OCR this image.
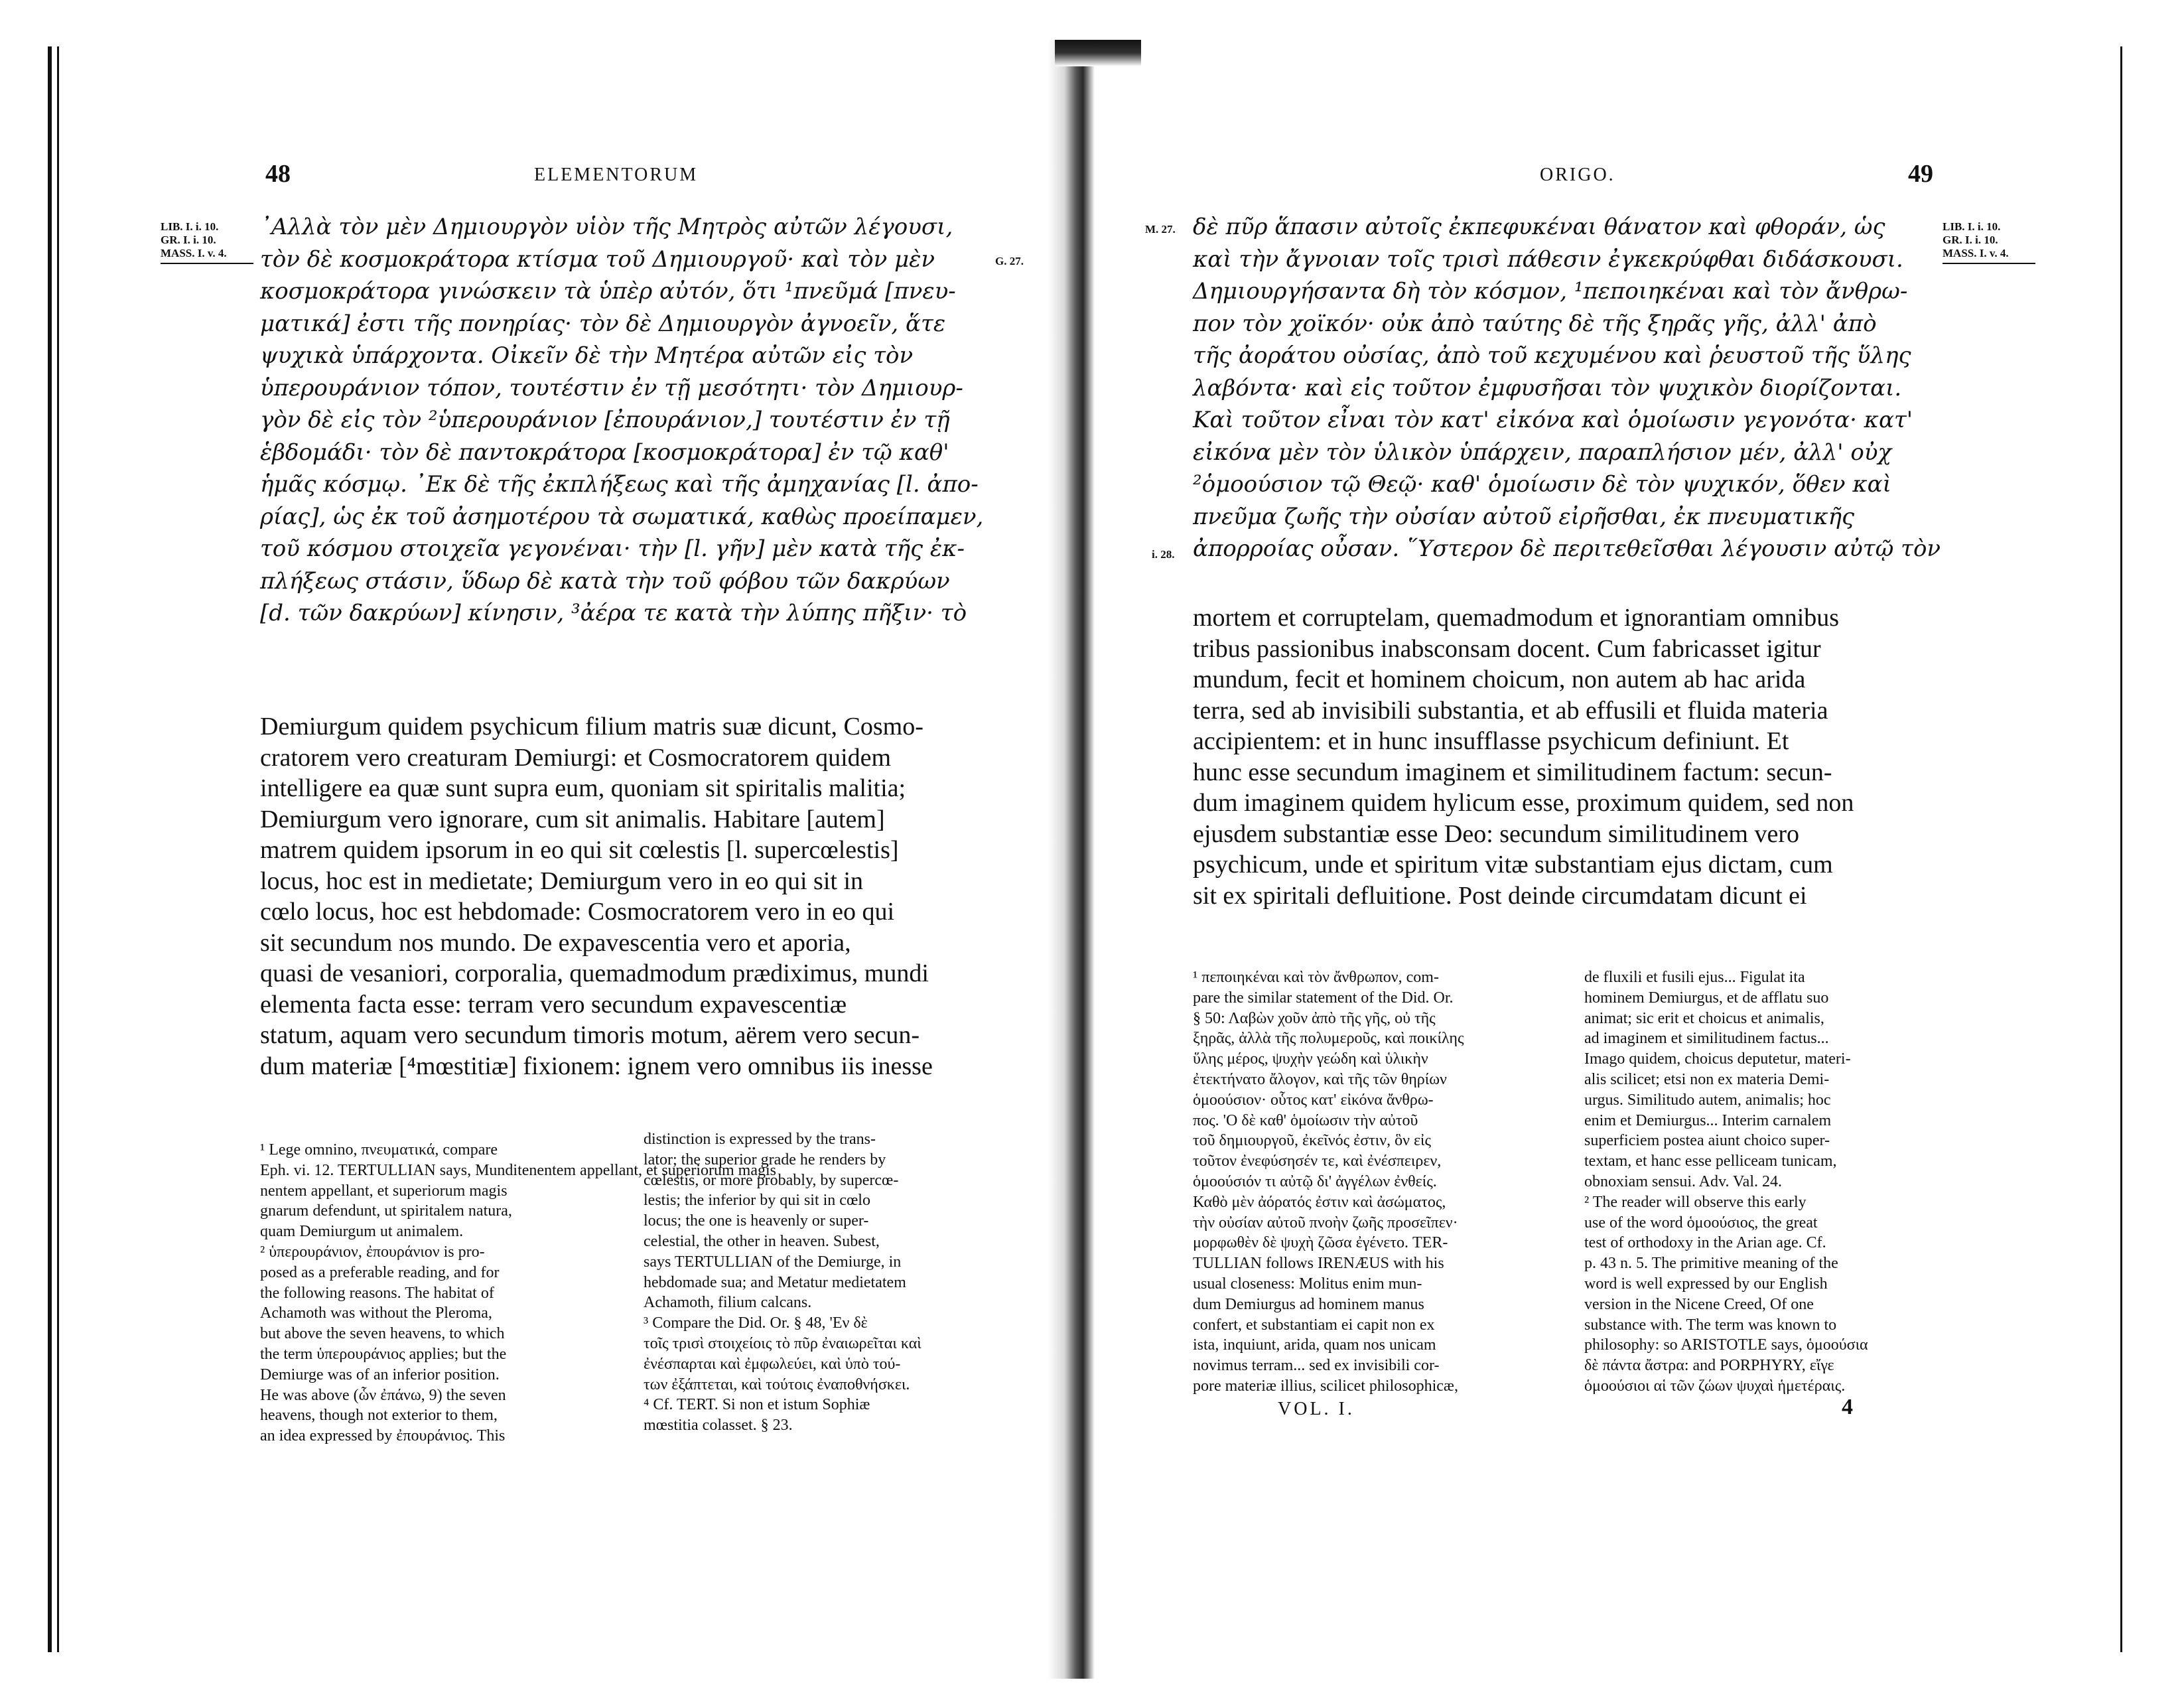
48	ELEMENTORUM
LIB. I. i. 10.
GR. I. i. 10.
MASS. I. v. 4.
G. 27.
᾿Αλλὰ τὸν μὲν Δημιουργὸν υἱὸν τῆς Μητρὸς αὐτῶν λέγουσι,
τὸν δὲ κοσμοκράτορα κτίσμα τοῦ Δημιουργοῦ· καὶ τὸν μὲν
κοσμοκράτορα γινώσκειν τὰ ὑπὲρ αὐτόν, ὅτι ¹πνεῦμά [πνευ-
ματικά] ἐστι τῆς πονηρίας· τὸν δὲ Δημιουργὸν ἀγνοεῖν, ἅτε
ψυχικὰ ὑπάρχοντα. Οἰκεῖν δὲ τὴν Μητέρα αὐτῶν εἰς τὸν
ὑπερουράνιον τόπον, τουτέστιν ἐν τῇ μεσότητι· τὸν Δημιουρ-
γὸν δὲ εἰς τὸν ²ὑπερουράνιον [ἐπουράνιον,] τουτέστιν ἐν τῇ
ἑβδομάδι· τὸν δὲ παντοκράτορα [κοσμοκράτορα] ἐν τῷ καθ'
ἡμᾶς κόσμῳ. ᾿Εκ δὲ τῆς ἐκπλήξεως καὶ τῆς ἀμηχανίας [l. ἀπο-
ρίας], ὡς ἐκ τοῦ ἀσημοτέρου τὰ σωματικά, καθὼς προείπαμεν,
τοῦ κόσμου στοιχεῖα γεγονέναι· τὴν [l. γῆν] μὲν κατὰ τῆς ἐκ-
πλήξεως στάσιν, ὕδωρ δὲ κατὰ τὴν τοῦ φόβου τῶν δακρύων
[d. τῶν δακρύων] κίνησιν, ³ἀέρα τε κατὰ τὴν λύπης πῆξιν· τὸ
Demiurgum quidem psychicum filium matris suæ dicunt, Cosmo-
cratorem vero creaturam Demiurgi: et Cosmocratorem quidem
intelligere ea quæ sunt supra eum, quoniam sit spiritalis malitia;
Demiurgum vero ignorare, cum sit animalis. Habitare [autem]
matrem quidem ipsorum in eo qui sit cœlestis [l. supercœlestis]
locus, hoc est in medietate; Demiurgum vero in eo qui sit in
cœlo locus, hoc est hebdomade: Cosmocratorem vero in eo qui
sit secundum nos mundo. De expavescentia vero et aporia,
quasi de vesaniori, corporalia, quemadmodum prædiximus, mundi
elementa facta esse: terram vero secundum expavescentiæ
statum, aquam vero secundum timoris motum, aërem vero secun-
dum materiæ [⁴mœstitiæ] fixionem: ignem vero omnibus iis inesse
¹ Lege omnino, πνευματικά, compare
Eph. vi. 12. TERTULLIAN says, Munditenentem appellant, et superiorum magis
nentem appellant, et superiorum magis
gnarum defendunt, ut spiritalem natura,
quam Demiurgum ut animalem.
² ὑπερουράνιον, ἐπουράνιον is pro-
posed as a preferable reading, and for
the following reasons. The habitat of
Achamoth was without the Pleroma,
but above the seven heavens, to which
the term ὑπερουράνιος applies; but the
Demiurge was of an inferior position.
He was above (ὧν ἐπάνω, 9) the seven
heavens, though not exterior to them,
an idea expressed by ἐπουράνιος. This
distinction is expressed by the trans-
lator; the superior grade he renders by
cœlestis, or more probably, by supercœ-
lestis; the inferior by qui sit in cœlo
locus; the one is heavenly or super-
celestial, the other in heaven. Subest,
says TERTULLIAN of the Demiurge, in
hebdomade sua; and Metatur medietatem
Achamoth, filium calcans.
³ Compare the Did. Or. § 48, 'Εν δὲ
τοῖς τρισὶ στοιχείοις τὸ πῦρ ἐναιωρεῖται καὶ
ἐνέσπαρται καὶ ἐμφωλεύει, καὶ ὑπὸ τού-
των ἐξάπτεται, καὶ τούτοις ἐναποθνήσκει.
⁴ Cf. TERT. Si non et istum Sophiæ
mœstitia colasset. § 23.
ORIGO.	49
M. 27.
i. 28.
LIB. I. i. 10.
GR. I. i. 10.
MASS. I. v. 4.
δὲ πῦρ ἅπασιν αὐτοῖς ἐκπεφυκέναι θάνατον καὶ φθοράν, ὡς
καὶ τὴν ἄγνοιαν τοῖς τρισὶ πάθεσιν ἐγκεκρύφθαι διδάσκουσι.
Δημιουργήσαντα δὴ τὸν κόσμον, ¹πεποιηκέναι καὶ τὸν ἄνθρω-
πον τὸν χοϊκόν· οὐκ ἀπὸ ταύτης δὲ τῆς ξηρᾶς γῆς, ἀλλ' ἀπὸ
τῆς ἀοράτου οὐσίας, ἀπὸ τοῦ κεχυμένου καὶ ῥευστοῦ τῆς ὕλης
λαβόντα· καὶ εἰς τοῦτον ἐμφυσῆσαι τὸν ψυχικὸν διορίζονται.
Καὶ τοῦτον εἶναι τὸν κατ' εἰκόνα καὶ ὁμοίωσιν γεγονότα· κατ'
εἰκόνα μὲν τὸν ὑλικὸν ὑπάρχειν, παραπλήσιον μέν, ἀλλ' οὐχ
²ὁμοούσιον τῷ Θεῷ· καθ' ὁμοίωσιν δὲ τὸν ψυχικόν, ὅθεν καὶ
πνεῦμα ζωῆς τὴν οὐσίαν αὐτοῦ εἰρῆσθαι, ἐκ πνευματικῆς
ἀπορροίας οὖσαν. ῞Υστερον δὲ περιτεθεῖσθαι λέγουσιν αὐτῷ τὸν
mortem et corruptelam, quemadmodum et ignorantiam omnibus
tribus passionibus inabsconsam docent. Cum fabricasset igitur
mundum, fecit et hominem choicum, non autem ab hac arida
terra, sed ab invisibili substantia, et ab effusili et fluida materia
accipientem: et in hunc insufflasse psychicum definiunt. Et
hunc esse secundum imaginem et similitudinem factum: secun-
dum imaginem quidem hylicum esse, proximum quidem, sed non
ejusdem substantiæ esse Deo: secundum similitudinem vero
psychicum, unde et spiritum vitæ substantiam ejus dictam, cum
sit ex spiritali defluitione. Post deinde circumdatam dicunt ei
¹ πεποιηκέναι καὶ τὸν ἄνθρωπον, com-
pare the similar statement of the Did. Or.
§ 50: Λαβὼν χοῦν ἀπὸ τῆς γῆς, οὐ τῆς
ξηρᾶς, ἀλλὰ τῆς πολυμεροῦς, καὶ ποικίλης
ὕλης μέρος, ψυχὴν γεώδη καὶ ὑλικὴν
ἐτεκτήνατο ἄλογον, καὶ τῆς τῶν θηρίων
ὁμοούσιον· οὗτος κατ' εἰκόνα ἄνθρω-
πος. 'Ο δὲ καθ' ὁμοίωσιν τὴν αὐτοῦ
τοῦ δημιουργοῦ, ἐκεῖνός ἐστιν, ὃν εἰς
τοῦτον ἐνεφύσησέν τε, καὶ ἐνέσπειρεν,
ὁμοούσιόν τι αὐτῷ δι' ἀγγέλων ἐνθείς.
Καθὸ μὲν ἀόρατός ἐστιν καὶ ἀσώματος,
τὴν οὐσίαν αὐτοῦ πνοὴν ζωῆς προσεῖπεν·
μορφωθὲν δὲ ψυχὴ ζῶσα ἐγένετο. TER-
TULLIAN follows IRENÆUS with his
usual closeness: Molitus enim mun-
dum Demiurgus ad hominem manus
confert, et substantiam ei capit non ex
ista, inquiunt, arida, quam nos unicam
novimus terram... sed ex invisibili cor-
pore materiæ illius, scilicet philosophicæ,
de fluxili et fusili ejus... Figulat ita
hominem Demiurgus, et de afflatu suo
animat; sic erit et choicus et animalis,
ad imaginem et similitudinem factus...
Imago quidem, choicus deputetur, materi-
alis scilicet; etsi non ex materia Demi-
urgus. Similitudo autem, animalis; hoc
enim et Demiurgus... Interim carnalem
superficiem postea aiunt choico super-
textam, et hanc esse pelliceam tunicam,
obnoxiam sensui. Adv. Val. 24.
² The reader will observe this early
use of the word ὁμοούσιος, the great
test of orthodoxy in the Arian age. Cf.
p. 43 n. 5. The primitive meaning of the
word is well expressed by our English
version in the Nicene Creed, Of one
substance with. The term was known to
philosophy: so ARISTOTLE says, ὁμοούσια
δὲ πάντα ἄστρα: and PORPHYRY, εἴγε
ὁμοούσιοι αἱ τῶν ζώων ψυχαὶ ἡμετέραις.
VOL. I.	4
